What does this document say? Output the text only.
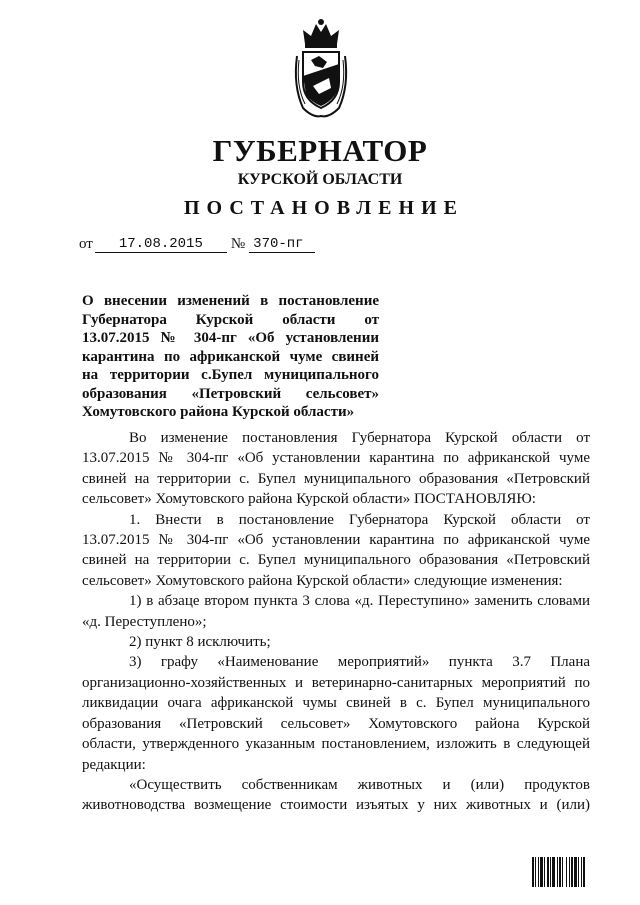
ГУБЕРНАТОР
КУРСКОЙ ОБЛАСТИ
ПОСТАНОВЛЕНИЕ
от 17.08.2015 № 370-пг
О внесении изменений в постановление
Губернатора Курской области от
13.07.2015 № 304-пг «Об установлении
карантина по африканской чуме свиней
на территории с.Бупел муниципального
образования «Петровский сельсовет»
Хомутовского района Курской области»
Во изменение постановления Губернатора Курской области от
13.07.2015 № 304-пг «Об установлении карантина по африканской чуме
свиней на территории с. Бупел муниципального образования «Петровский
сельсовет» Хомутовского района Курской области» ПОСТАНОВЛЯЮ:
1. Внести в постановление Губернатора Курской области от
13.07.2015 № 304-пг «Об установлении карантина по африканской чуме
свиней на территории с. Бупел муниципального образования «Петровский
сельсовет» Хомутовского района Курской области» следующие изменения:
1) в абзаце втором пункта 3 слова «д. Переступино» заменить словами
«д. Переступлено»;
2) пункт 8 исключить;
3) графу «Наименование мероприятий» пункта 3.7 Плана
организационно-хозяйственных и ветеринарно-санитарных мероприятий по
ликвидации очага африканской чумы свиней в с. Бупел муниципального
образования «Петровский сельсовет» Хомутовского района Курской
области, утвержденного указанным постановлением, изложить в следующей
редакции:
«Осуществить собственникам животных и (или) продуктов
животноводства возмещение стоимости изъятых у них животных и (или)
